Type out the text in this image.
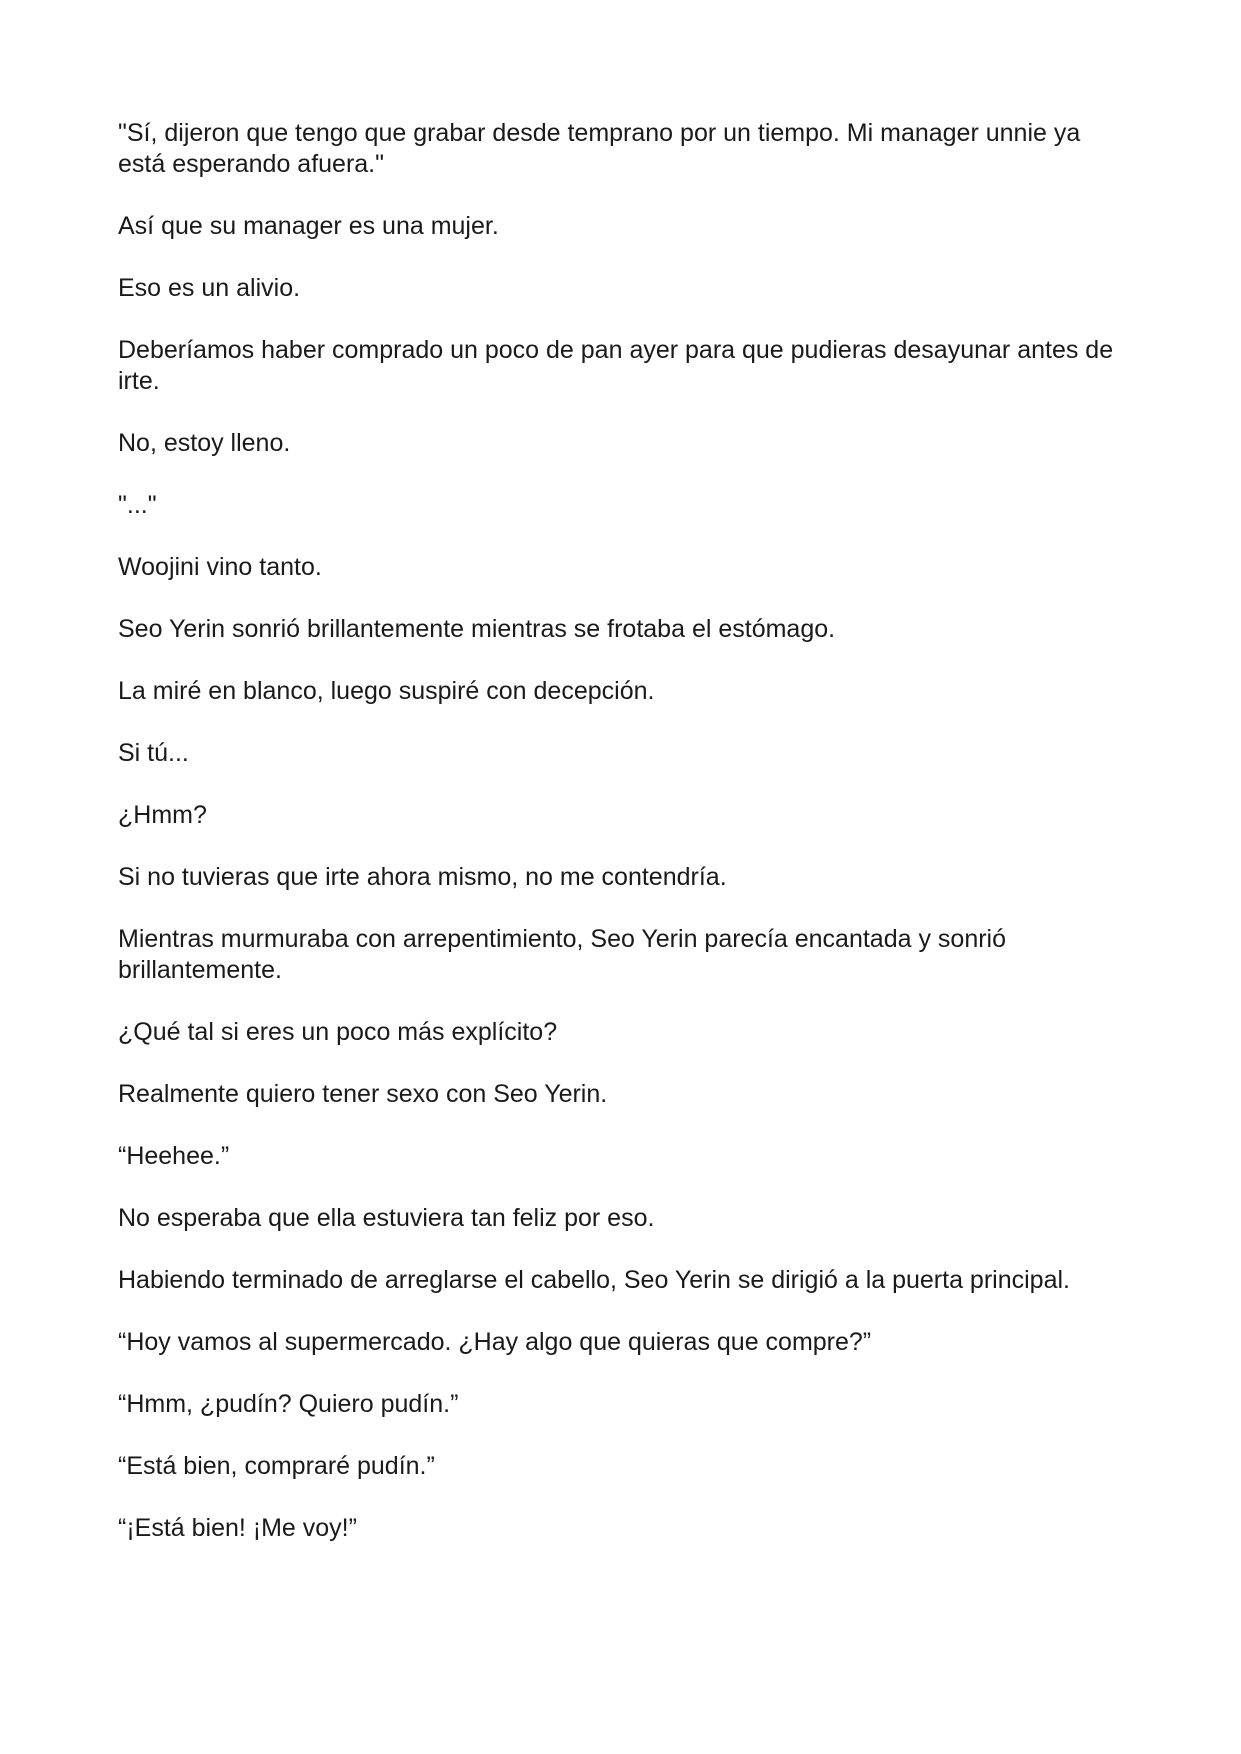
"Sí, dijeron que tengo que grabar desde temprano por un tiempo. Mi manager unnie ya está esperando afuera."

Así que su manager es una mujer.

Eso es un alivio.

Deberíamos haber comprado un poco de pan ayer para que pudieras desayunar antes de irte.

No, estoy lleno.

"..."

Woojini vino tanto.

Seo Yerin sonrió brillantemente mientras se frotaba el estómago.

La miré en blanco, luego suspiré con decepción.

Si tú...

¿Hmm?

Si no tuvieras que irte ahora mismo, no me contendría.

Mientras murmuraba con arrepentimiento, Seo Yerin parecía encantada y sonrió brillantemente.

¿Qué tal si eres un poco más explícito?

Realmente quiero tener sexo con Seo Yerin.

“Heehee.”

No esperaba que ella estuviera tan feliz por eso.

Habiendo terminado de arreglarse el cabello, Seo Yerin se dirigió a la puerta principal.

“Hoy vamos al supermercado. ¿Hay algo que quieras que compre?”

“Hmm, ¿pudín? Quiero pudín.”

“Está bien, compraré pudín.”

“¡Está bien! ¡Me voy!”
